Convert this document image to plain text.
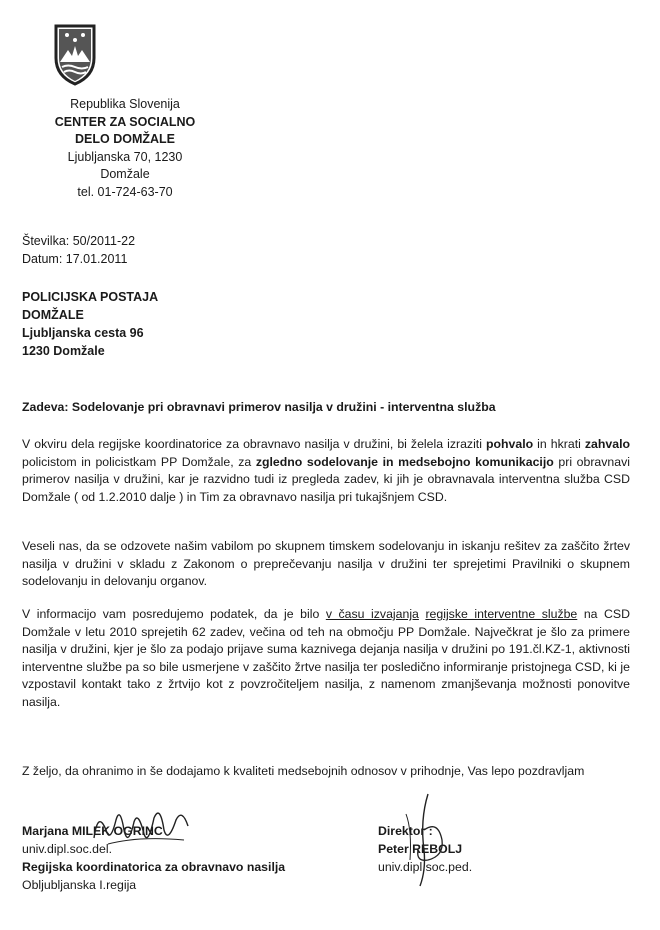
Republika Slovenija
CENTER ZA SOCIALNO
DELO DOMŽALE
Ljubljanska 70, 1230
Domžale
tel. 01-724-63-70
Številka: 50/2011-22
Datum: 17.01.2011
POLICIJSKA POSTAJA
DOMŽALE
Ljubljanska cesta 96
1230 Domžale
Zadeva: Sodelovanje pri obravnavi primerov nasilja v družini - interventna služba
V okviru dela regijske koordinatorice za obravnavo nasilja v družini, bi želela izraziti pohvalo in hkrati zahvalo policistom in policistkam PP Domžale, za zgledno sodelovanje in medsebojno komunikacijo pri obravnavi primerov nasilja v družini, kar je razvidno tudi iz pregleda zadev, ki jih je obravnavala interventna služba CSD Domžale ( od 1.2.2010 dalje ) in Tim za obravnavo nasilja pri tukajšnjem CSD.
Veseli nas, da se odzovete našim vabilom po skupnem timskem sodelovanju in iskanju rešitev za zaščito žrtev nasilja v družini v skladu z Zakonom o preprečevanju nasilja v družini ter sprejetimi Pravilniki o skupnem sodelovanju in delovanju organov.
V informacijo vam posredujemo podatek, da je bilo v času izvajanja regijske interventne službe na CSD Domžale v letu 2010 sprejetih 62 zadev, večina od teh na območju PP Domžale. Največkrat je šlo za primere nasilja v družini, kjer je šlo za podajo prijave suma kaznivega dejanja nasilja v družini po 191.čl.KZ-1, aktivnosti interventne službe pa so bile usmerjene v zaščito žrtve nasilja ter posledično informiranje pristojnega CSD, ki je vzpostavil kontakt tako z žrtvijo kot z povzročiteljem nasilja, z namenom zmanjševanja možnosti ponovitve nasilja.
Z željo, da ohranimo in še dodajamo k kvaliteti medsebojnih odnosov v prihodnje, Vas lepo pozdravljam
Marjana MILEK OGRINC
univ.dipl.soc.del.
Regijska koordinatorica za obravnavo nasilja
Obljubljanska I.regija
Direktor :
Peter REBOLJ
univ.dipl.soc.ped.
